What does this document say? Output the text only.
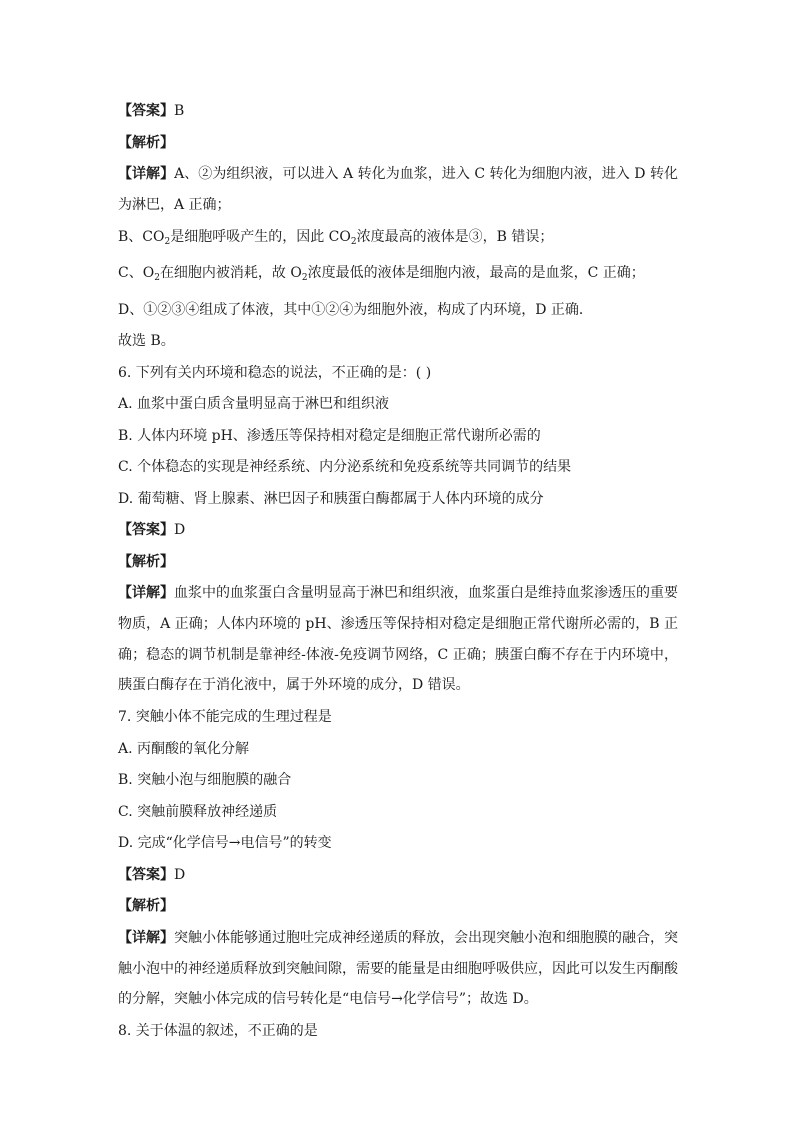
【答案】B
【解析】
【详解】A、②为组织液，可以进入 A 转化为血浆，进入 C 转化为细胞内液，进入 D 转化为淋巴，A 正确；
B、$CO_2$是细胞呼吸产生的，因此 $CO_2$浓度最高的液体是③，B 错误；
C、$O_2$在细胞内被消耗，故 $O_2$浓度最低的液体是细胞内液，最高的是血浆，C 正确；
D、①②③④组成了体液，其中①②④为细胞外液，构成了内环境，D 正确．
故选 B。
6. 下列有关内环境和稳态的说法，不正确的是：( )
A. 血浆中蛋白质含量明显高于淋巴和组织液
B. 人体内环境 pH、渗透压等保持相对稳定是细胞正常代谢所必需的
C. 个体稳态的实现是神经系统、内分泌系统和免疫系统等共同调节的结果
D. 葡萄糖、肾上腺素、淋巴因子和胰蛋白酶都属于人体内环境的成分
【答案】D
【解析】
【详解】血浆中的血浆蛋白含量明显高于淋巴和组织液，血浆蛋白是维持血浆渗透压的重要物质，A 正确；人体内环境的 pH、渗透压等保持相对稳定是细胞正常代谢所必需的，B 正确；稳态的调节机制是靠神经-体液-免疫调节网络，C 正确；胰蛋白酶不存在于内环境中，胰蛋白酶存在于消化液中，属于外环境的成分，D 错误。
7. 突触小体不能完成的生理过程是
A. 丙酮酸的氧化分解
B. 突触小泡与细胞膜的融合
C. 突触前膜释放神经递质
D. 完成“化学信号→电信号”的转变
【答案】D
【解析】
【详解】突触小体能够通过胞吐完成神经递质的释放，会出现突触小泡和细胞膜的融合，突触小泡中的神经递质释放到突触间隙，需要的能量是由细胞呼吸供应，因此可以发生丙酮酸的分解，突触小体完成的信号转化是“电信号→化学信号”；故选 D。
8. 关于体温的叙述，不正确的是
